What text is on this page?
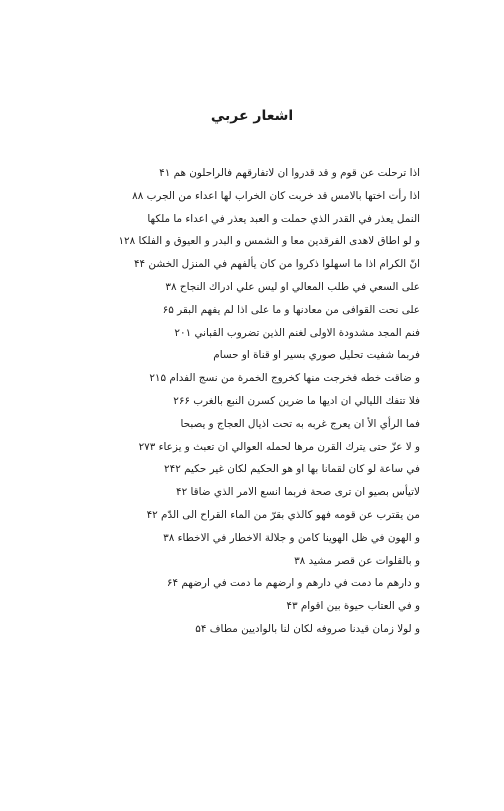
اشعار عربي
اذا ترحلت عن قوم و قد قدروا ان لاتفارقهم فالراحلون هم ۴۱
اذا رأت اختها بالامس قد خربت كان الخراب لها اعداء من الجرب ۸۸
النمل يعذر في القدر الذي حملت و العبد يعذر في اعداء ما ملكها
و لو اطاق لاهدى الفرقدين معا و الشمس و البدر و العيوق و الفلكا ۱۲۸
انّ الكرام اذا ما اسهلوا ذكروا من كان يألفهم في المنزل الخشن ۴۴
على السعي في طلب المعالي او ليس علي ادراك النجاح ۳۸
علی نحت القوافی من معادنها و ما علی اذا لم یفهم البقر ۶۵
فنم المجد مشدودة الاولى لغنم الذين تضروب القباني ۲۰۱
فربما شفيت تحليل صوري بسير او قناة او حسام
و ضاقت خطه فخرجت منها كخروج الخمرة من نسج الفدام ۲۱۵
فلا تتفك الليالي ان اديها ما ضرين كسرن النبع بالغرب ۲۶۶
فما الرأي الأ ان يعرج غربه به تحت اذيال العجاج و يصبحا
و لا عزّ حتى يترك القرن مرها لحمله العوالي ان تعبث و يزعاء ۲۷۳
في ساعة لو كان لقمانا بها او هو الحكيم لكان غير حكيم ۲۴۲
لاتيأس بصيو ان ترى صحة فربما انسع الامر الذي ضاقا ۴۲
من يقترب عن قومه فهو كالذي بقرّ من الماء القراح الى الدّم ۴۲
و الهون في ظل الهوينا كامن و جلالة الاخطار في الاخطاء ۳۸
و بالقلوات عن قصر مشيد ۳۸
و دارهم ما دمت في دارهم و ارضهم ما دمت في ارضهم ۶۴
و في العتاب حيوة بين اقوام ۴۳
و لولا زمان قيدنا صروفه لكان لنا بالواديين مطاف ۵۴
